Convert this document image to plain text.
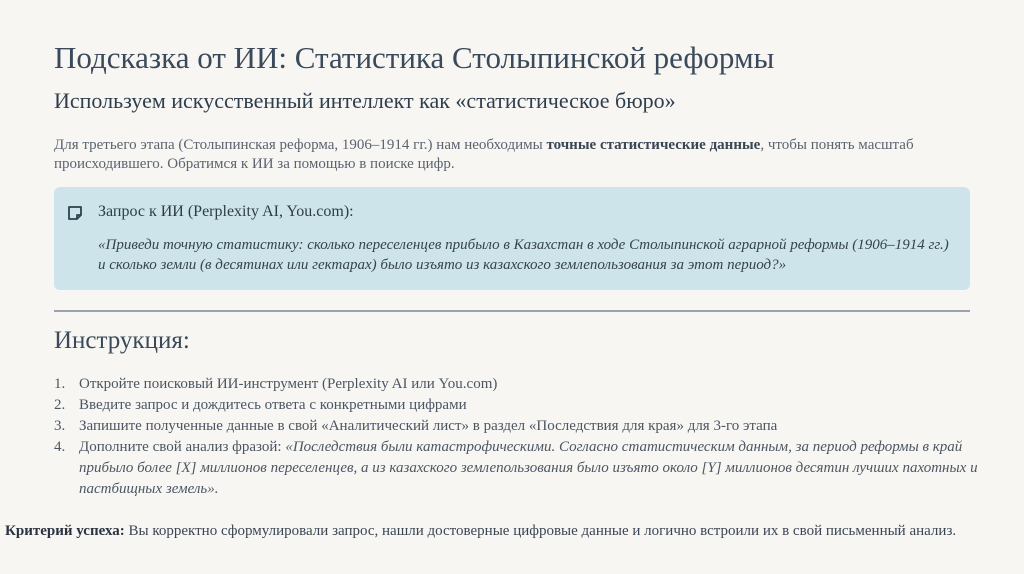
Подсказка от ИИ: Статистика Столыпинской реформы
Используем искусственный интеллект как «статистическое бюро»
Для третьего этапа (Столыпинская реформа, 1906–1914 гг.) нам необходимы точные статистические данные, чтобы понять масштаб происходившего. Обратимся к ИИ за помощью в поиске цифр.
Запрос к ИИ (Perplexity AI, You.com):
«Приведи точную статистику: сколько переселенцев прибыло в Казахстан в ходе Столыпинской аграрной реформы (1906–1914 гг.) и сколько земли (в десятинах или гектарах) было изъято из казахского землепользования за этот период?»
Инструкция:
1. Откройте поисковый ИИ-инструмент (Perplexity AI или You.com)
2. Введите запрос и дождитесь ответа с конкретными цифрами
3. Запишите полученные данные в свой «Аналитический лист» в раздел «Последствия для края» для 3-го этапа
4. Дополните свой анализ фразой: «Последствия были катастрофическими. Согласно статистическим данным, за период реформы в край прибыло более [X] миллионов переселенцев, а из казахского землепользования было изъято около [Y] миллионов десятин лучших пахотных и пастбищных земель».
Критерий успеха: Вы корректно сформулировали запрос, нашли достоверные цифровые данные и логично встроили их в свой письменный анализ.
